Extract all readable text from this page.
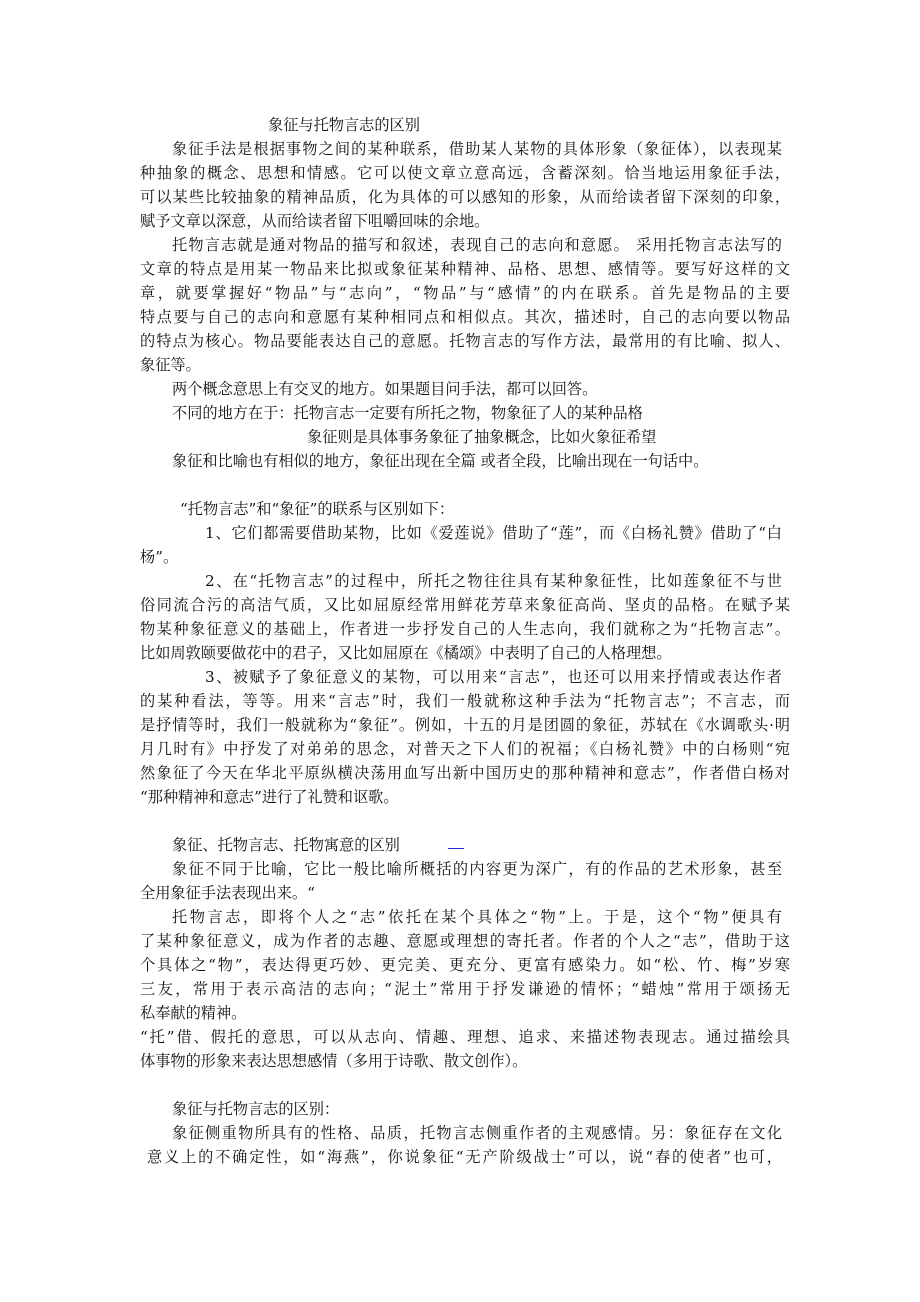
象征与托物言志的区别
象征手法是根据事物之间的某种联系，借助某人某物的具体形象（象征体），以表现某
种抽象的概念、思想和情感。它可以使文章立意高远，含蓄深刻。恰当地运用象征手法，
可以某些比较抽象的精神品质，化为具体的可以感知的形象，从而给读者留下深刻的印象，
赋予文章以深意，从而给读者留下咀嚼回味的余地。
托物言志就是通对物品的描写和叙述，表现自己的志向和意愿。 采用托物言志法写的
文章的特点是用某一物品来比拟或象征某种精神、品格、思想、感情等。要写好这样的文
章，就要掌握好“物品”与“志向”，“物品”与“感情”的内在联系。首先是物品的主要
特点要与自己的志向和意愿有某种相同点和相似点。其次，描述时，自己的志向要以物品
的特点为核心。物品要能表达自己的意愿。托物言志的写作方法，最常用的有比喻、拟人、
象征等。
两个概念意思上有交叉的地方。如果题目问手法，都可以回答。
不同的地方在于：托物言志一定要有所托之物，物象征了人的某种品格
象征则是具体事务象征了抽象概念，比如火象征希望
象征和比喻也有相似的地方，象征出现在全篇 或者全段，比喻出现在一句话中。
“托物言志”和“象征”的联系与区别如下：
1、它们都需要借助某物，比如《爱莲说》借助了“莲”，而《白杨礼赞》借助了“白
杨”。
2、在“托物言志”的过程中，所托之物往往具有某种象征性，比如莲象征不与世
俗同流合污的高洁气质，又比如屈原经常用鲜花芳草来象征高尚、坚贞的品格。在赋予某
物某种象征意义的基础上，作者进一步抒发自己的人生志向，我们就称之为“托物言志”。
比如周敦颐要做花中的君子，又比如屈原在《橘颂》中表明了自己的人格理想。
3、被赋予了象征意义的某物，可以用来“言志”，也还可以用来抒情或表达作者
的某种看法，等等。用来“言志”时，我们一般就称这种手法为“托物言志”；不言志，而
是抒情等时，我们一般就称为“象征”。例如，十五的月是团圆的象征，苏轼在《水调歌头·明
月几时有》中抒发了对弟弟的思念，对普天之下人们的祝福；《白杨礼赞》中的白杨则“宛
然象征了今天在华北平原纵横决荡用血写出新中国历史的那种精神和意志”，作者借白杨对
“那种精神和意志”进行了礼赞和讴歌。
象征、托物言志、托物寓意的区别
象征不同于比喻，它比一般比喻所概括的内容更为深广，有的作品的艺术形象，甚至
全用象征手法表现出来。“
托物言志，即将个人之“志”依托在某个具体之“物”上。于是，这个“物”便具有
了某种象征意义，成为作者的志趣、意愿或理想的寄托者。作者的个人之“志”，借助于这
个具体之“物”，表达得更巧妙、更完美、更充分、更富有感染力。如“松、竹、梅”岁寒
三友，常用于表示高洁的志向；“泥土”常用于抒发谦逊的情怀；“蜡烛”常用于颂扬无
私奉献的精神。
“托”借、假托的意思，可以从志向、情趣、理想、追求、来描述物表现志。通过描绘具
体事物的形象来表达思想感情（多用于诗歌、散文创作）。
象征与托物言志的区别：
象征侧重物所具有的性格、品质，托物言志侧重作者的主观感情。另：象征存在文化
意义上的不确定性，如“海燕”，你说象征“无产阶级战士”可以，说“春的使者”也可，
